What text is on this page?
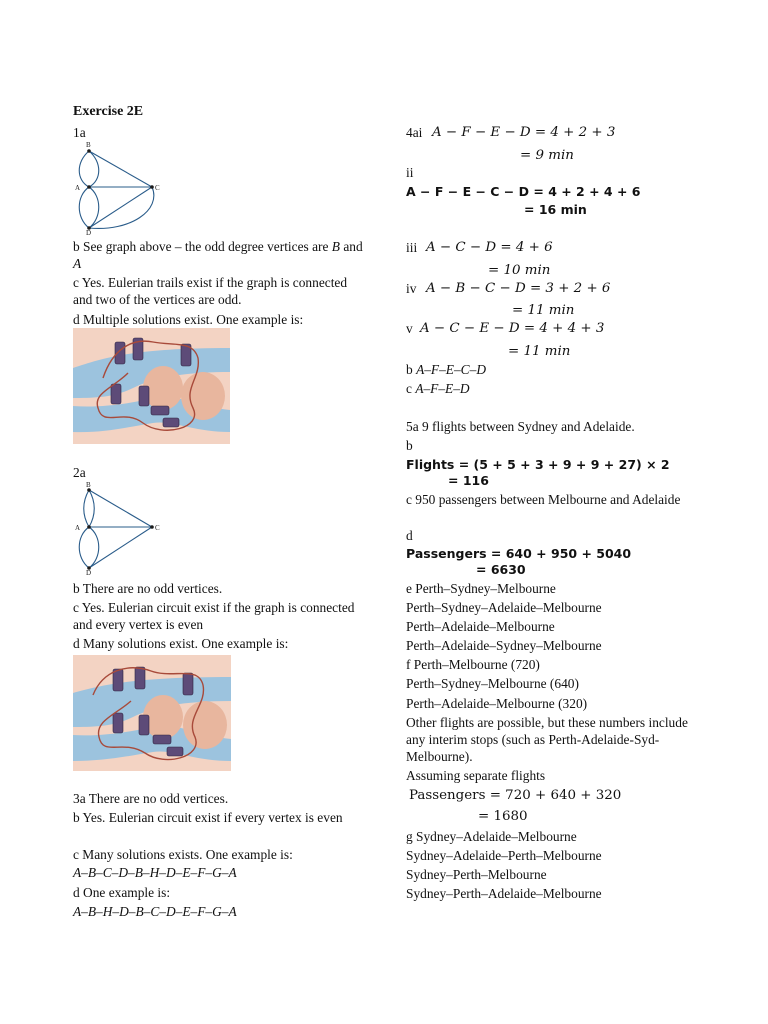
Exercise 2E
1a
B
A	C
D
b See graph above – the odd degree vertices are B and A
c Yes. Eulerian trails exist if the graph is connected and two of the vertices are odd.
d Multiple solutions exist. One example is:
2a
B
A	C
D
b There are no odd vertices.
c Yes. Eulerian circuit exist if the graph is connected and every vertex is even
d Many solutions exist. One example is:
3a There are no odd vertices.
b Yes. Eulerian circuit exist if every vertex is even
c Many solutions exists. One example is:
A–B–C–D–B–H–D–E–F–G–A
d One example is:
A–B–H–D–B–C–D–E–F–G–A
4ai A − F − E − D = 4 + 2 + 3
= 9 min
ii
A − F − E − C − D = 4 + 2 + 4 + 6
= 16 min
iii A − C − D = 4 + 6
= 10 min
iv A − B − C − D = 3 + 2 + 6
= 11 min
v A − C − E − D = 4 + 4 + 3
= 11 min
b A–F–E–C–D
c A–F–E–D
5a 9 flights between Sydney and Adelaide.
b
Flights = (5 + 5 + 3 + 9 + 9 + 27) × 2
= 116
c 950 passengers between Melbourne and Adelaide
d
Passengers = 640 + 950 + 5040
= 6630
e Perth–Sydney–Melbourne
Perth–Sydney–Adelaide–Melbourne
Perth–Adelaide–Melbourne
Perth–Adelaide–Sydney–Melbourne
f Perth–Melbourne (720)
Perth–Sydney–Melbourne (640)
Perth–Adelaide–Melbourne (320)
Other flights are possible, but these numbers include any interim stops (such as Perth-Adelaide-Syd-Melbourne).
Assuming separate flights
Passengers = 720 + 640 + 320
= 1680
g Sydney–Adelaide–Melbourne
Sydney–Adelaide–Perth–Melbourne
Sydney–Perth–Melbourne
Sydney–Perth–Adelaide–Melbourne
